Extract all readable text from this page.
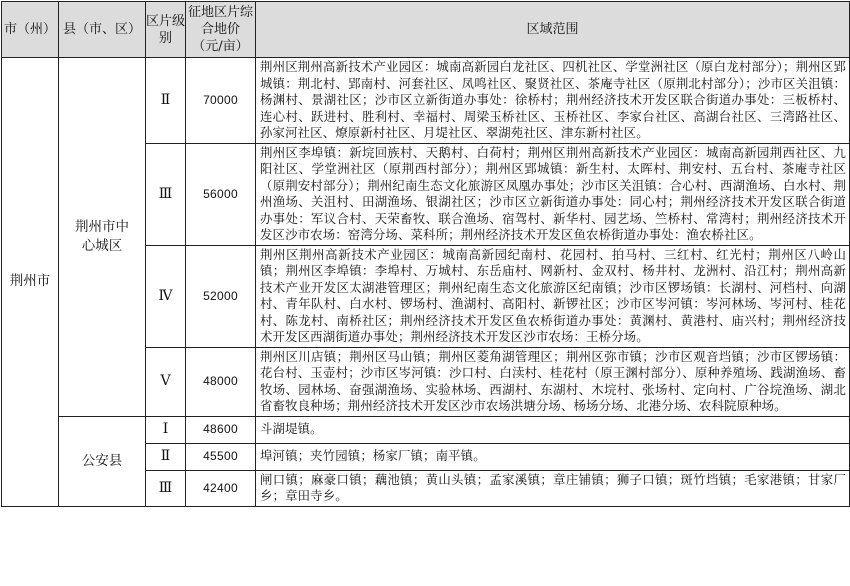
市（州）	县（市、区）	区片级别	征地区片综合地价（元/亩）	区域范围
荆州市	荆州市中心城区	Ⅱ	70000	荆州区荆州高新技术产业园区：城南高新园白龙社区、四机社区、学堂洲社区（原白龙村部分）；荆州区郢城镇：荆北村、郢南村、河套社区、凤鸣社区、聚贤社区、茶庵寺社区（原荆北村部分）；沙市区关沮镇：杨渊村、景湖社区；沙市区立新街道办事处：徐桥村；荆州经济技术开发区联合街道办事处：三板桥村、连心村、跃进村、胜利村、幸福村、周梁玉桥社区、玉桥社区、李家台社区、高湖台社区、三湾路社区、孙家河社区、燎原新村社区、月堤社区、翠湖苑社区、津东新村社区。
		Ⅲ	56000	荆州区李埠镇：新垸回族村、天鹅村、白荷村；荆州区荆州高新技术产业园区：城南高新园荆西社区、九阳社区、学堂洲社区（原荆西村部分）；荆州区郢城镇：新生村、太晖村、荆安村、五台村、茶庵寺社区（原荆安村部分）；荆州纪南生态文化旅游区凤凰办事处；沙市区关沮镇：合心村、西湖渔场、白水村、荆州渔场、关沮村、田湖渔场、银湖社区；沙市区立新街道办事处：同心村；荆州经济技术开发区联合街道办事处：军议合村、天荣畜牧、联合渔场、宿驾村、新华村、园艺场、竺桥村、常湾村；荆州经济技术开发区沙市农场：窑湾分场、菜科所；荆州经济技术开发区鱼农桥街道办事处：渔农桥社区。
		Ⅳ	52000	荆州区荆州高新技术产业园区：城南高新园纪南村、花园村、拍马村、三红村、红光村；荆州区八岭山镇；荆州区李埠镇：李埠村、万城村、东岳庙村、网新村、金双村、杨井村、龙洲村、沿江村；荆州高新技术产业开发区太湖港管理区；荆州纪南生态文化旅游区纪南镇；沙市区锣场镇：长湖村、河档村、向湖村、青年队村、白水村、锣场村、渔湖村、高阳村、新锣社区；沙市区岑河镇：岑河林场、岑河村、桂花村、陈龙村、南桥社区；荆州经济技术开发区鱼农桥街道办事处：黄渊村、黄港村、庙兴村；荆州经济技术开发区西湖街道办事处；荆州经济技术开发区沙市农场：王桥分场。
		Ⅴ	48000	荆州区川店镇；荆州区马山镇；荆州区菱角湖管理区；荆州区弥市镇；沙市区观音垱镇；沙市区锣场镇：花台村、玉壶村；沙市区岑河镇：沙口村、白渎村、桂花村（原王渊村部分）、原种养殖场、践湖渔场、畜牧场、园林场、奋强湖渔场、实验林场、西湖村、东湖村、木垸村、张场村、定向村、广谷垸渔场、湖北省畜牧良种场；荆州经济技术开发区沙市农场洪塘分场、杨场分场、北港分场、农科院原种场。
	公安县	Ⅰ	48600	斗湖堤镇。
		Ⅱ	45500	埠河镇；夹竹园镇；杨家厂镇；南平镇。
		Ⅲ	42400	闸口镇；麻豪口镇；藕池镇；黄山头镇；孟家溪镇；章庄铺镇；狮子口镇；斑竹垱镇；毛家港镇；甘家厂乡；章田寺乡。
